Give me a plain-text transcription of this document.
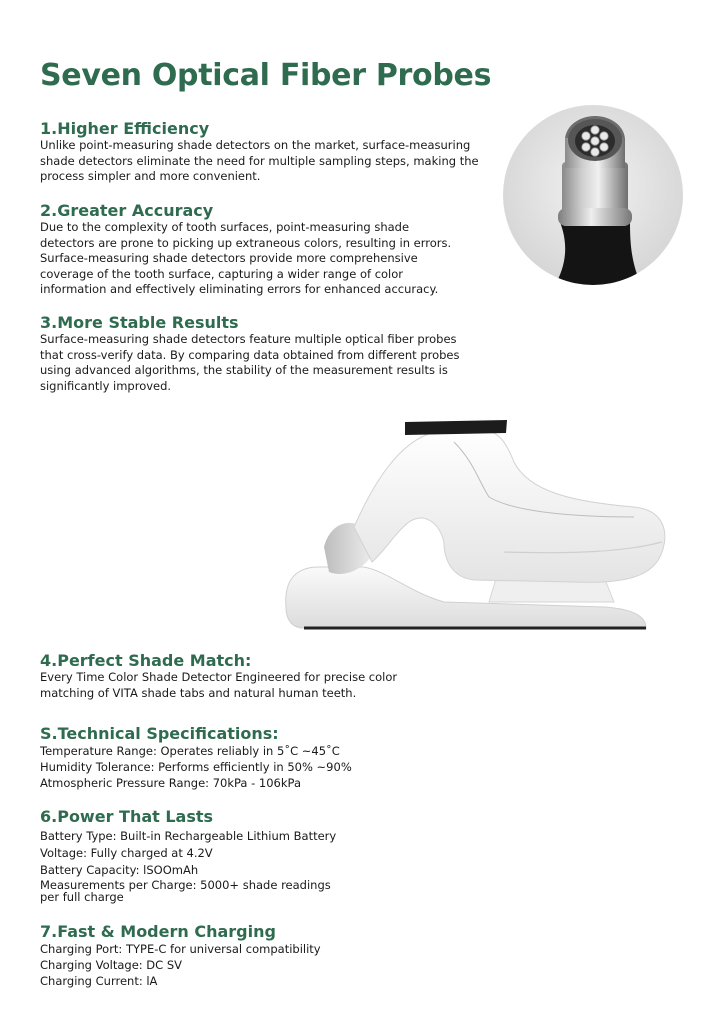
Seven Optical Fiber Probes
1.Higher Efficiency

Unlike point-measuring shade detectors on the market, surface-measuring shade detectors eliminate the need for multiple sampling steps, making the process simpler and more convenient.

2.Greater Accuracy

Due to the complexity of tooth surfaces, point-measuring shade detectors are prone to picking up extraneous colors, resulting in errors. Surface-measuring shade detectors provide more comprehensive coverage of the tooth surface, capturing a wider range of color information and effectively eliminating errors for enhanced accuracy.

3.More Stable Results

Surface-measuring shade detectors feature multiple optical fiber probes that cross-verify data. By comparing data obtained from different probes using advanced algorithms, the stability of the measurement results is significantly improved.

4.Perfect Shade Match:

Every Time Color Shade Detector Engineered for precise color matching of VITA shade tabs and natural human teeth.

S.Technical Specifications:
Temperature Range: Operates reliably in 5˚C ~45˚C
Humidity Tolerance: Performs efficiently in 50% ~90%
Atmospheric Pressure Range: 70kPa - 106kPa
6.Power That Lasts
Battery Type: Built-in Rechargeable Lithium Battery
Voltage: Fully charged at 4.2V
Battery Capacity: lSOOmAh
Measurements per Charge: 5000+ shade readings
per full charge
7.Fast & Modern Charging
Charging Port: TYPE-C for universal compatibility
Charging Voltage: DC SV
Charging Current: lA
